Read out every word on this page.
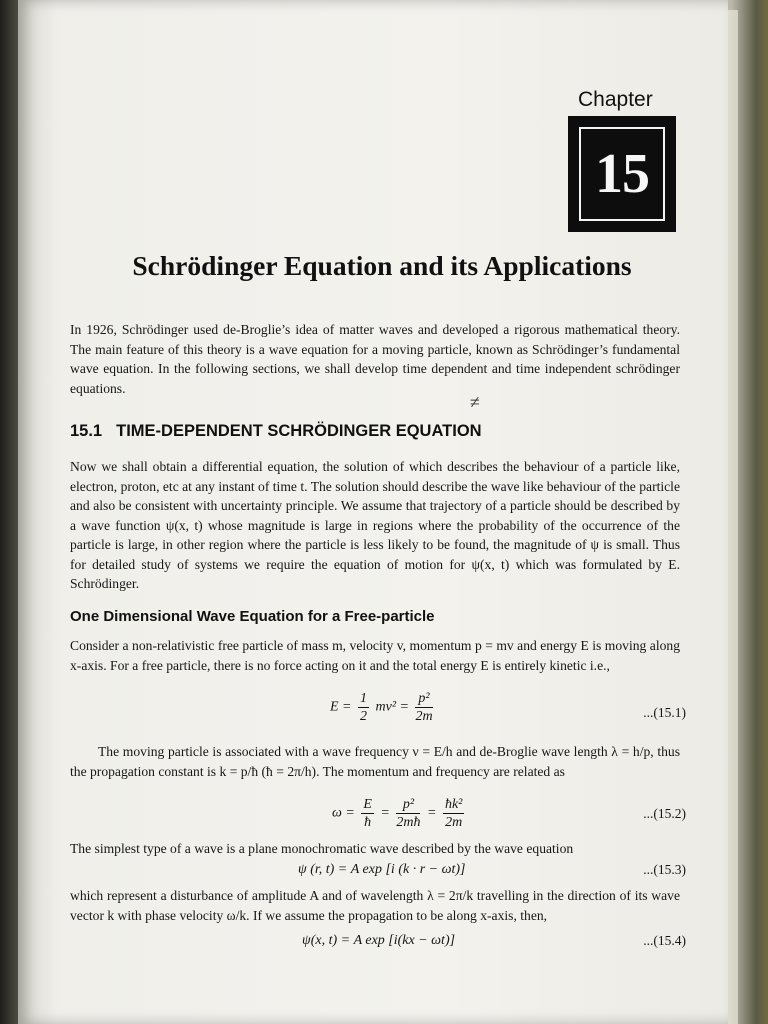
Chapter
15
Schrödinger Equation and its Applications

In 1926, Schrödinger used de-Broglie’s idea of matter waves and developed a rigorous mathematical theory. The main feature of this theory is a wave equation for a moving particle, known as Schrödinger’s fundamental wave equation. In the following sections, we shall develop time dependent and time independent schrödinger equations.

≠
15.1 TIME-DEPENDENT SCHRÖDINGER EQUATION

Now we shall obtain a differential equation, the solution of which describes the behaviour of a particle like, electron, proton, etc at any instant of time t. The solution should describe the wave like behaviour of the particle and also be consistent with uncertainty principle. We assume that trajectory of a particle should be described by a wave function ψ(x, t) whose magnitude is large in regions where the probability of the occurrence of the particle is large, in other region where the particle is less likely to be found, the magnitude of ψ is small. Thus for detailed study of systems we require the equation of motion for ψ(x, t) which was formulated by E. Schrödinger.

One Dimensional Wave Equation for a Free-particle

Consider a non-relativistic free particle of mass m, velocity v, momentum p = mv and energy E is moving along x-axis. For a free particle, there is no force acting on it and the total energy E is entirely kinetic i.e.,

$E = \frac{1}{2} mv^2 = \frac{\text{p²}}{2m}$	...(15.1)

The moving particle is associated with a wave frequency ν = E/h and de-Broglie wave length λ = h/p, thus the propagation constant is k = p/ħ (ħ = 2π/h). The momentum and frequency are related as

$\omega = \frac{E}{ħ} = \frac{\text{p²}}{2mħ} = \frac{\text{ħk²}}{2m}$	...(15.2)

The simplest type of a wave is a plane monochromatic wave described by the wave equation

ψ (r, t) = A exp [i (k · r − ωt)]	...(15.3)

which represent a disturbance of amplitude A and of wavelength λ = 2π/k travelling in the direction of its wave vector k with phase velocity ω/k. If we assume the propagation to be along x-axis, then,

ψ(x, t) = A exp [i(kx − ωt)]	...(15.4)
